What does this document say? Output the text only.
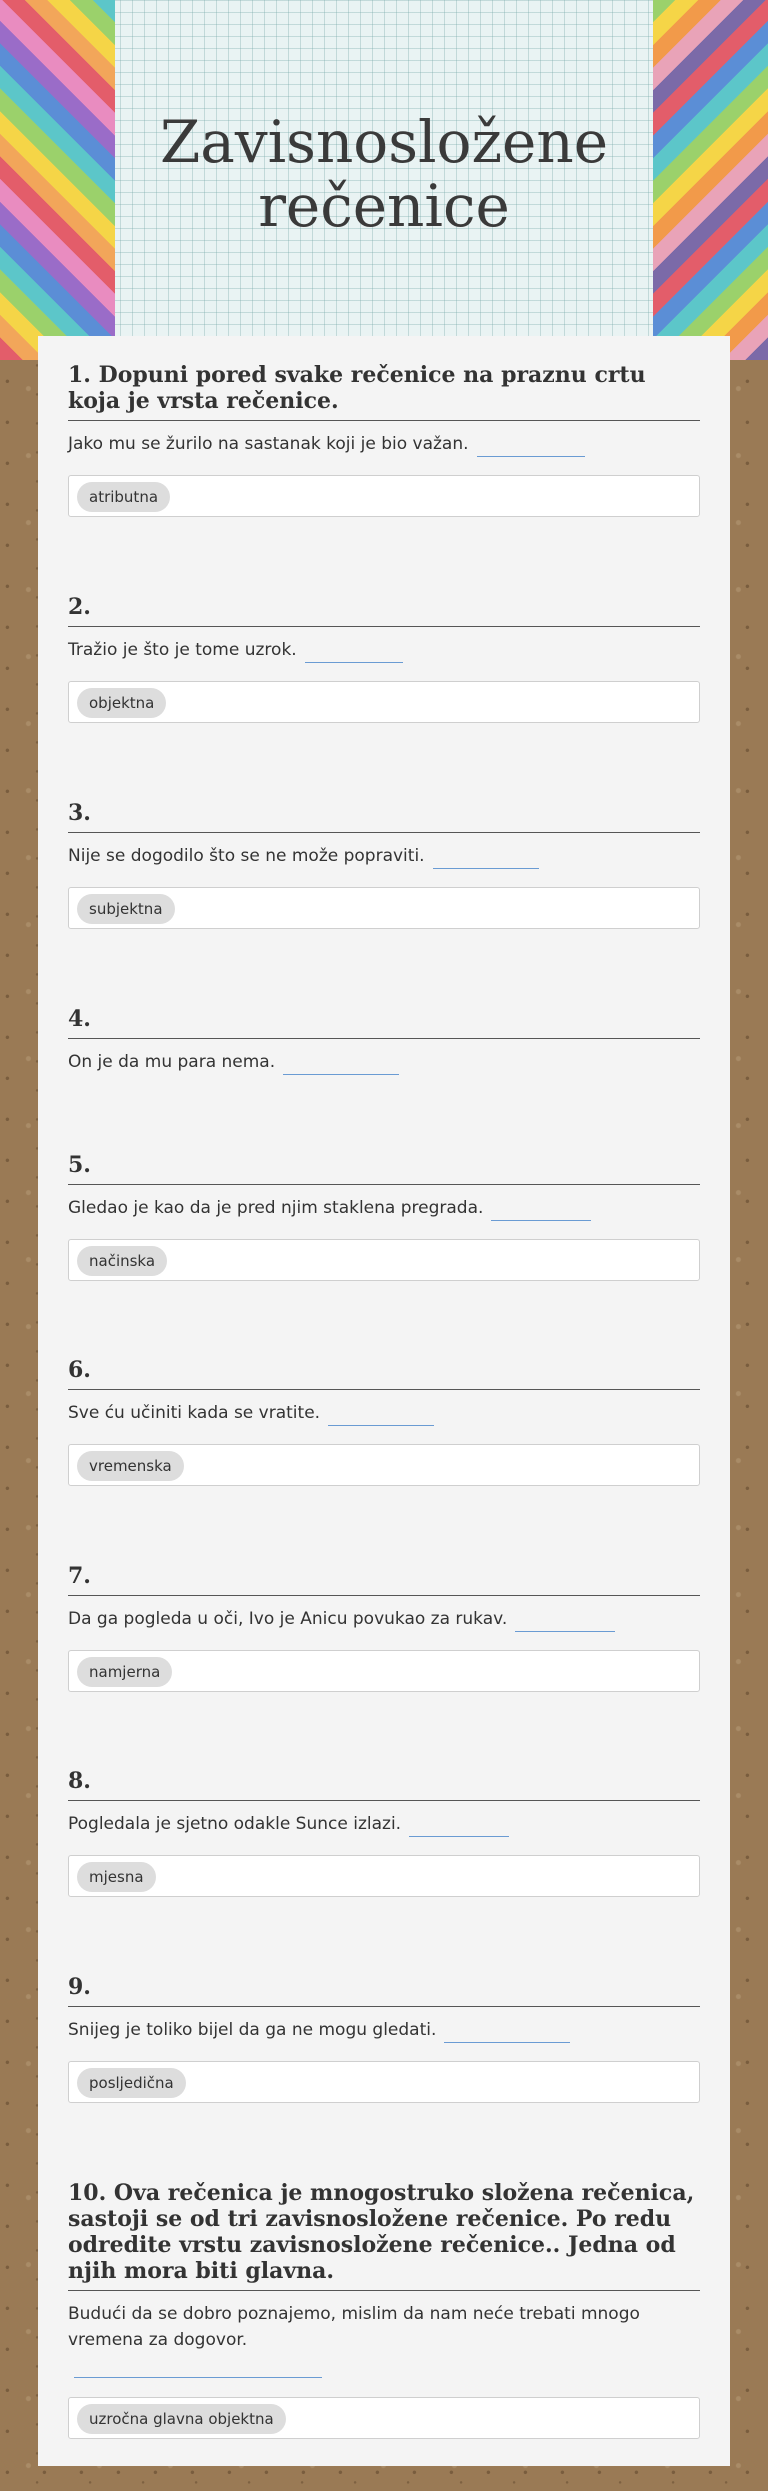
Zavisnosložene rečenice
1. Dopuni pored svake rečenice na praznu crtu koja je vrsta rečenice.
Jako mu se žurilo na sastanak koji je bio važan.
atributna
2.
Tražio je što je tome uzrok.
objektna
3.
Nije se dogodilo što se ne može popraviti.
subjektna
4.
On je da mu para nema.
5.
Gledao je kao da je pred njim staklena pregrada.
načinska
6.
Sve ću učiniti kada se vratite.
vremenska
7.
Da ga pogleda u oči, Ivo je Anicu povukao za rukav.
namjerna
8.
Pogledala je sjetno odakle Sunce izlazi.
mjesna
9.
Snijeg je toliko bijel da ga ne mogu gledati.
posljedična
10. Ova rečenica je mnogostruko složena rečenica, sastoji se od tri zavisnosložene rečenice. Po redu odredite vrstu zavisnosložene rečenice.. Jedna od njih mora biti glavna.
Budući da se dobro poznajemo, mislim da nam neće trebati mnogo vremena za dogovor.
uzročna glavna objektna
